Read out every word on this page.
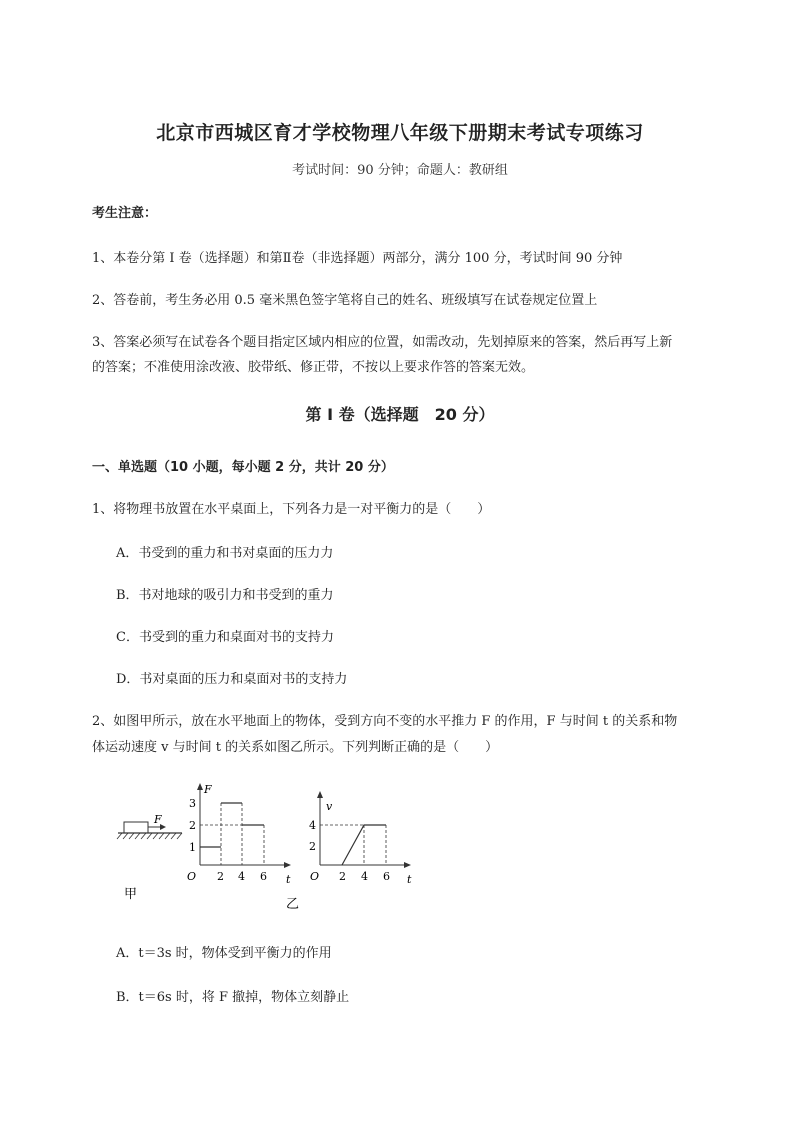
北京市西城区育才学校物理八年级下册期末考试专项练习
考试时间：90 分钟；命题人：教研组
考生注意：
1、本卷分第 I 卷（选择题）和第Ⅱ卷（非选择题）两部分，满分 100 分，考试时间 90 分钟
2、答卷前，考生务必用 0.5 毫米黑色签字笔将自己的姓名、班级填写在试卷规定位置上
3、答案必须写在试卷各个题目指定区域内相应的位置，如需改动，先划掉原来的答案，然后再写上新
的答案；不准使用涂改液、胶带纸、修正带，不按以上要求作答的答案无效。
第 I 卷（选择题　20 分）
一、单选题（10 小题，每小题 2 分，共计 20 分）
1、将物理书放置在水平桌面上，下列各力是一对平衡力的是（　　）
A．书受到的重力和书对桌面的压力力
B．书对地球的吸引力和书受到的重力
C．书受到的重力和桌面对书的支持力
D．书对桌面的压力和桌面对书的支持力
2、如图甲所示，放在水平地面上的物体，受到方向不变的水平推力 F 的作用，F 与时间 t 的关系和物
体运动速度 v 与时间 t 的关系如图乙所示。下列判断正确的是（　　）
F
甲
F
t
O 2 4 6
1
2
3	v
t
O 2 4 6
2
4
乙
A．t＝3s 时，物体受到平衡力的作用
B．t＝6s 时，将 F 撤掉，物体立刻静止
